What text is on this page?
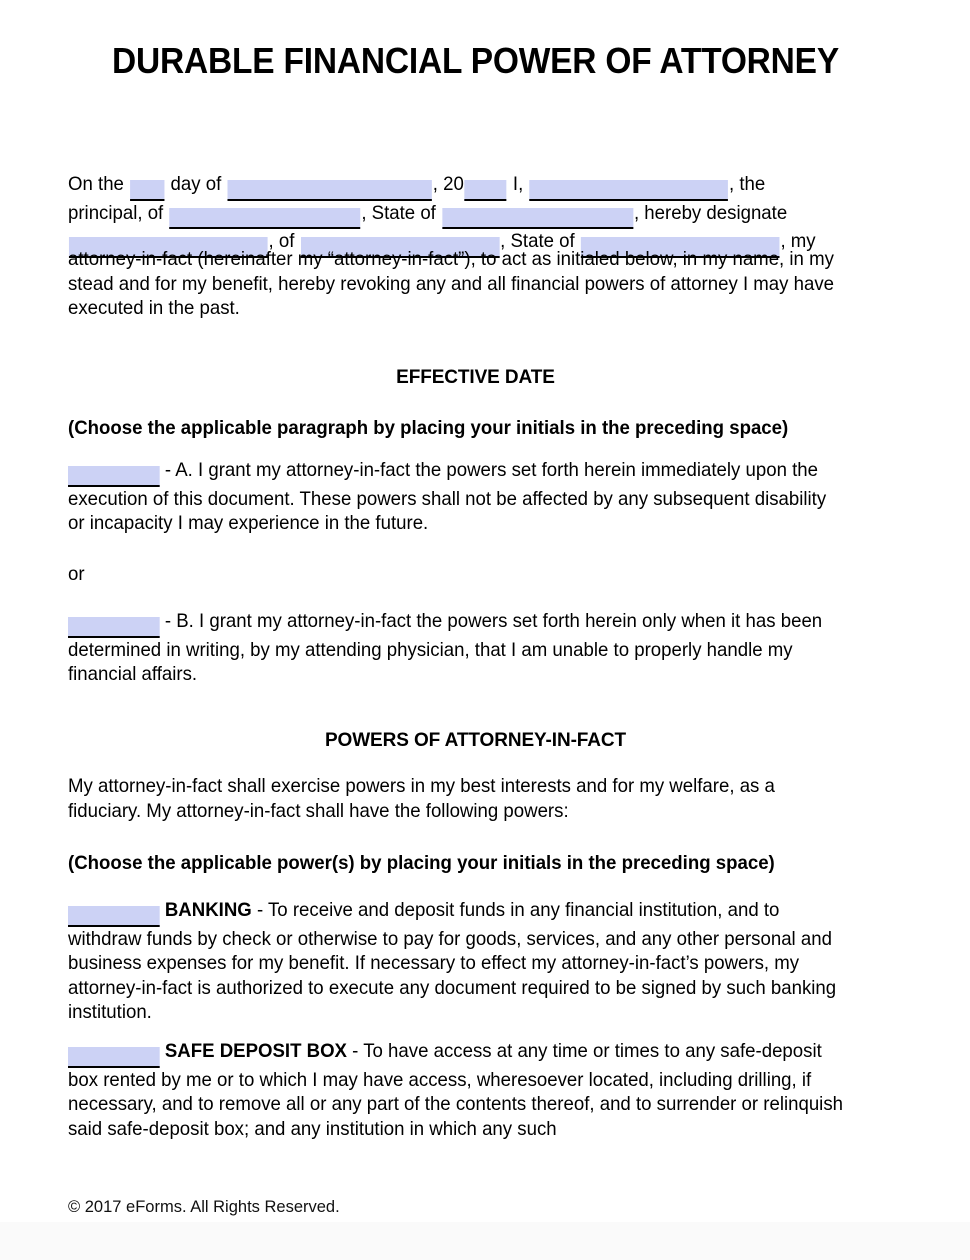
DURABLE FINANCIAL POWER OF ATTORNEY
On the day of	, 20	I,	, the
principal, of	, State of	, hereby designate
, of	, State of	, my
attorney-in-fact (hereinafter my “attorney-in-fact”), to act as initialed below, in my name, in my stead and for my benefit, hereby revoking any and all financial powers of attorney I may have executed in the past.
EFFECTIVE DATE
(Choose the applicable paragraph by placing your initials in the preceding space)
- A. I grant my attorney-in-fact the powers set forth herein immediately upon the execution of this document. These powers shall not be affected by any subsequent disability or incapacity I may experience in the future.
or
- B. I grant my attorney-in-fact the powers set forth herein only when it has been determined in writing, by my attending physician, that I am unable to properly handle my financial affairs.
POWERS OF ATTORNEY-IN-FACT
My attorney-in-fact shall exercise powers in my best interests and for my welfare, as a fiduciary. My attorney-in-fact shall have the following powers:
(Choose the applicable power(s) by placing your initials in the preceding space)
BANKING - To receive and deposit funds in any financial institution, and to withdraw funds by check or otherwise to pay for goods, services, and any other personal and business expenses for my benefit. If necessary to effect my attorney-in-fact’s powers, my attorney-in-fact is authorized to execute any document required to be signed by such banking institution.
SAFE DEPOSIT BOX - To have access at any time or times to any safe-deposit box rented by me or to which I may have access, wheresoever located, including drilling, if necessary, and to remove all or any part of the contents thereof, and to surrender or relinquish said safe-deposit box; and any institution in which any such
© 2017 eForms. All Rights Reserved.
